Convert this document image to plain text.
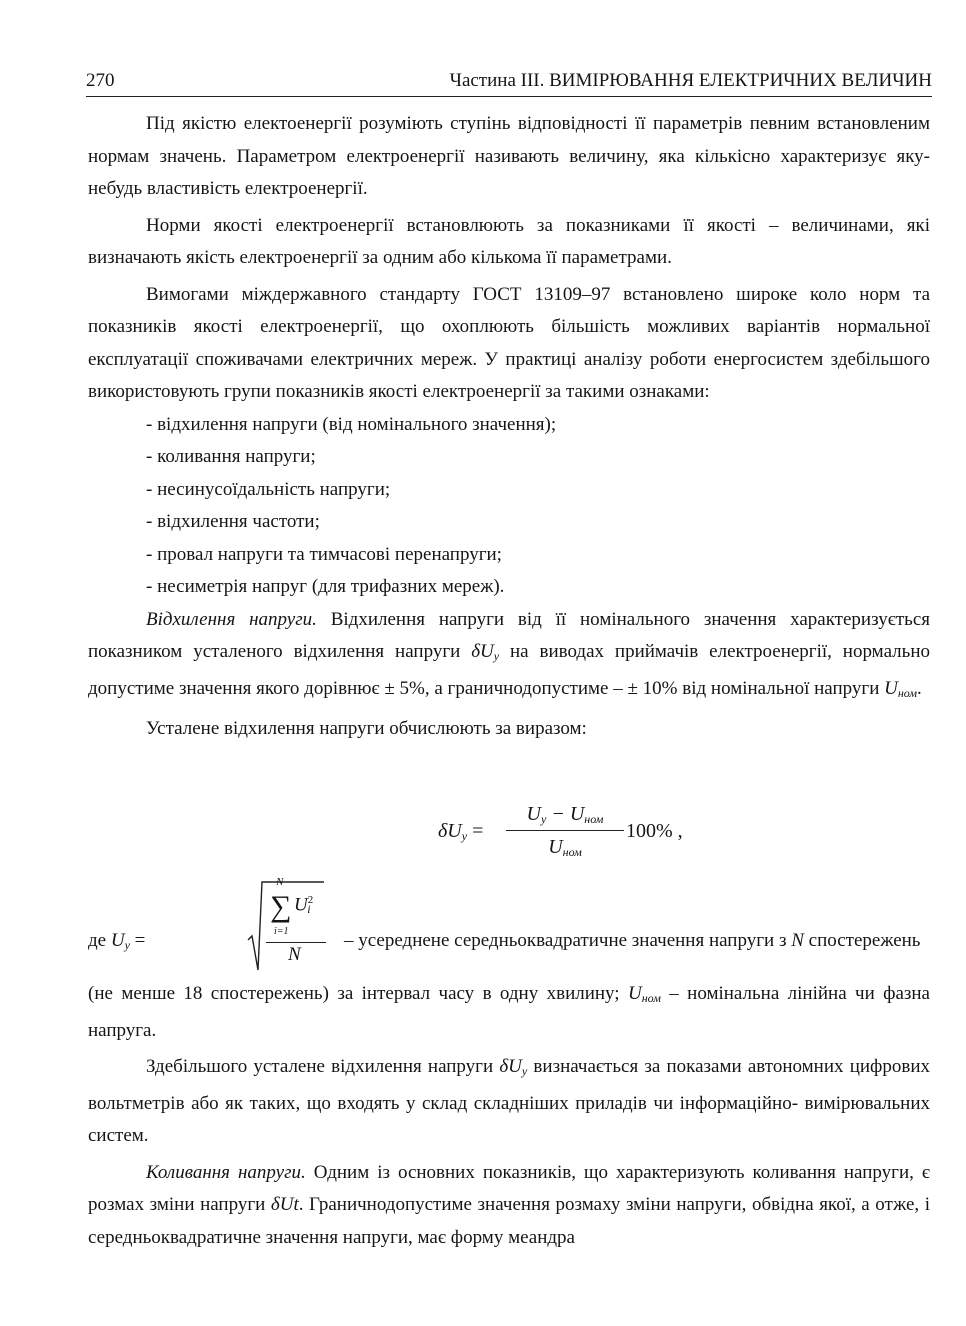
270	Частина III. ВИМІРЮВАННЯ ЕЛЕКТРИЧНИХ ВЕЛИЧИН

Під якістю електоенергії розуміють ступінь відповідності її параметрів певним встановленим нормам значень. Параметром електроенергії називають величину, яка кількісно характеризує яку-небудь властивість електроенергії.

Норми якості електроенергії встановлюють за показниками її якості – величинами, які визначають якість електроенергії за одним або кількома її параметрами.

Вимогами міждержавного стандарту ГОСТ 13109–97 встановлено широке коло норм та показників якості електроенергії, що охоплюють більшість можливих варіантів нормальної експлуатації споживачами електричних мереж. У практиці аналізу роботи енергосистем здебільшого використовують групи показників якості електроенергії за такими ознаками:

- відхилення напруги (від номінального значення);

- коливання напруги;

- несинусоїдальність напруги;

- відхилення частоти;

- провал напруги та тимчасові перенапруги;

- несиметрія напруг (для трифазних мереж).

Відхилення напруги. Відхилення напруги від її номінального значення характеризується показником усталеного відхилення напруги $\delta U_y$ на виводах приймачів електроенергії, нормально допустиме значення якого дорівнює ± 5%, а граничнодопустиме – ± 10% від номінальної напруги $U_{ном}$.

Усталене відхилення напруги обчислюють за виразом:

$\delta U_y$ =
$U_y - U_{ном}$
$U_{ном}$
100% ,
де $U_y$ =
N
∑ $U^2_i$
i=1
N
– усереднене середньоквадратичне значення напруги з N спостережень

(не менше 18 спостережень) за інтервал часу в одну хвилину; $U_{ном}$ – номінальна лінійна чи фазна напруга.

Здебільшого усталене відхилення напруги $\delta U_y$ визначається за показами автономних цифрових вольтметрів або як таких, що входять у склад складніших приладів чи інформаційно- вимірювальних систем.

Коливання напруги. Одним із основних показників, що характеризують коливання напруги, є розмах зміни напруги δUt. Граничнодопустиме значення розмаху зміни напруги, обвідна якої, а отже, і середньоквадратичне значення напруги, має форму меандра
